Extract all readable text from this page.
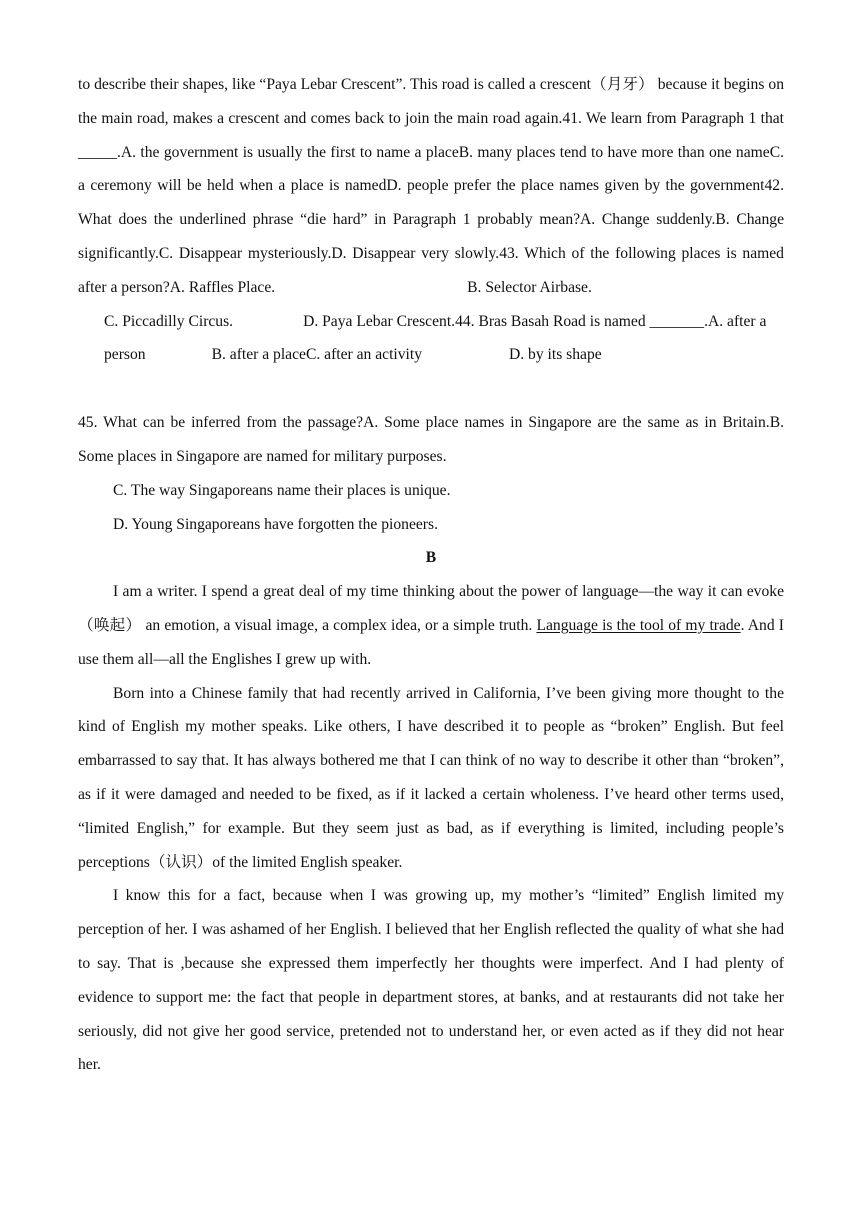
to describe their shapes, like “Paya Lebar Crescent”. This road is called a crescent（月牙） because it begins on the main road, makes a crescent and comes back to join the main road again.41. We learn from Paragraph 1 that _____.A. the government is usually the first to name a placeB. many places tend to have more than one nameC. a ceremony will be held when a place is namedD. people prefer the place names given by the government42. What does the underlined phrase “die hard” in Paragraph 1 probably mean?A. Change suddenly.B. Change significantly.C. Disappear mysteriously.D. Disappear very slowly.43. Which of the following places is named after a person?A. Raffles Place.	B. Selector Airbase.

C. Piccadilly Circus.	D. Paya Lebar Crescent.44. Bras Basah Road is named _______.A. after a person	B. after a placeC. after an activity	D. by its shape

45. What can be inferred from the passage?A. Some place names in Singapore are the same as in Britain.B. Some places in Singapore are named for military purposes.

C. The way Singaporeans name their places is unique.

D. Young Singaporeans have forgotten the pioneers.

B

I am a writer. I spend a great deal of my time thinking about the power of language—the way it can evoke（唤起） an emotion, a visual image, a complex idea, or a simple truth. Language is the tool of my trade. And I use them all—all the Englishes I grew up with.

Born into a Chinese family that had recently arrived in California, I’ve been giving more thought to the kind of English my mother speaks. Like others, I have described it to people as “broken” English. But feel embarrassed to say that. It has always bothered me that I can think of no way to describe it other than “broken”, as if it were damaged and needed to be fixed, as if it lacked a certain wholeness. I’ve heard other terms used, “limited English,” for example. But they seem just as bad, as if everything is limited, including people’s perceptions（认识）of the limited English speaker.

I know this for a fact, because when I was growing up, my mother’s “limited” English limited my perception of her. I was ashamed of her English. I believed that her English reflected the quality of what she had to say. That is ,because she expressed them imperfectly her thoughts were imperfect. And I had plenty of evidence to support me: the fact that people in department stores, at banks, and at restaurants did not take her seriously, did not give her good service, pretended not to understand her, or even acted as if they did not hear her.
